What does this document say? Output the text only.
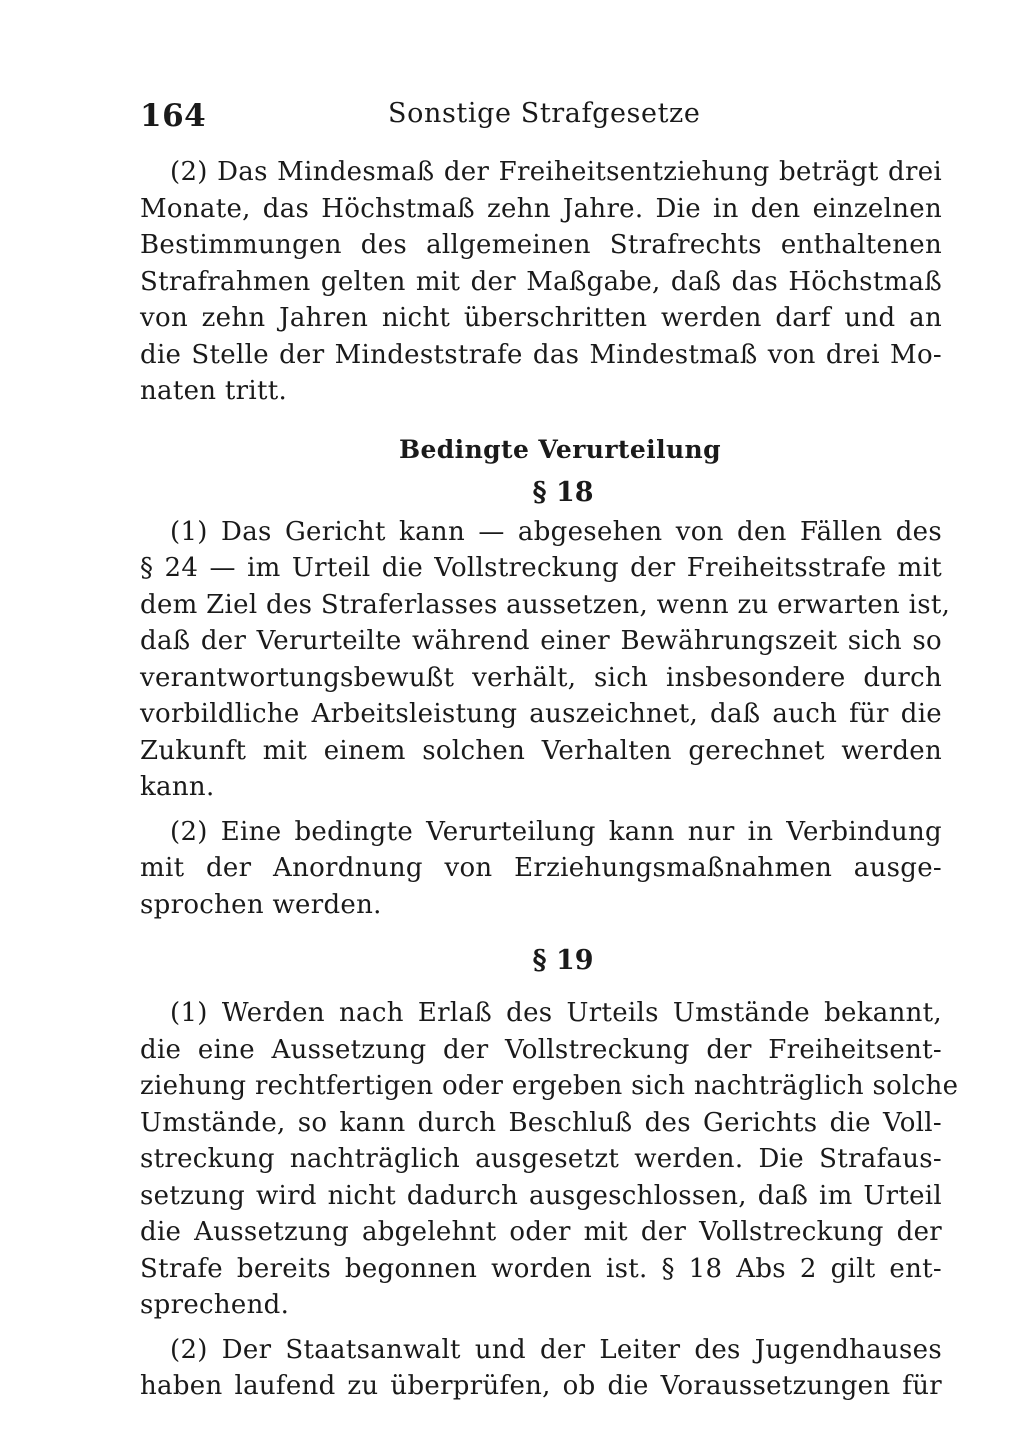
164	Sonstige Strafgesetze
(2) Das Mindesmaß der Freiheitsentziehung beträgt drei
Monate, das Höchstmaß zehn Jahre. Die in den einzelnen
Bestimmungen des allgemeinen Strafrechts enthaltenen
Strafrahmen gelten mit der Maßgabe, daß das Höchstmaß
von zehn Jahren nicht überschritten werden darf und an
die Stelle der Mindeststrafe das Mindestmaß von drei Mo-
naten tritt.
Bedingte Verurteilung
§ 18
(1) Das Gericht kann — abgesehen von den Fällen des
§ 24 — im Urteil die Vollstreckung der Freiheitsstrafe mit
dem Ziel des Straferlasses aussetzen, wenn zu erwarten ist,
daß der Verurteilte während einer Bewährungszeit sich so
verantwortungsbewußt verhält, sich insbesondere durch
vorbildliche Arbeitsleistung auszeichnet, daß auch für die
Zukunft mit einem solchen Verhalten gerechnet werden
kann.
(2) Eine bedingte Verurteilung kann nur in Verbindung
mit der Anordnung von Erziehungsmaßnahmen ausge-
sprochen werden.
§ 19
(1) Werden nach Erlaß des Urteils Umstände bekannt,
die eine Aussetzung der Vollstreckung der Freiheitsent-
ziehung rechtfertigen oder ergeben sich nachträglich solche
Umstände, so kann durch Beschluß des Gerichts die Voll-
streckung nachträglich ausgesetzt werden. Die Strafaus-
setzung wird nicht dadurch ausgeschlossen, daß im Urteil
die Aussetzung abgelehnt oder mit der Vollstreckung der
Strafe bereits begonnen worden ist. § 18 Abs 2 gilt ent-
sprechend.
(2) Der Staatsanwalt und der Leiter des Jugendhauses
haben laufend zu überprüfen, ob die Voraussetzungen für
